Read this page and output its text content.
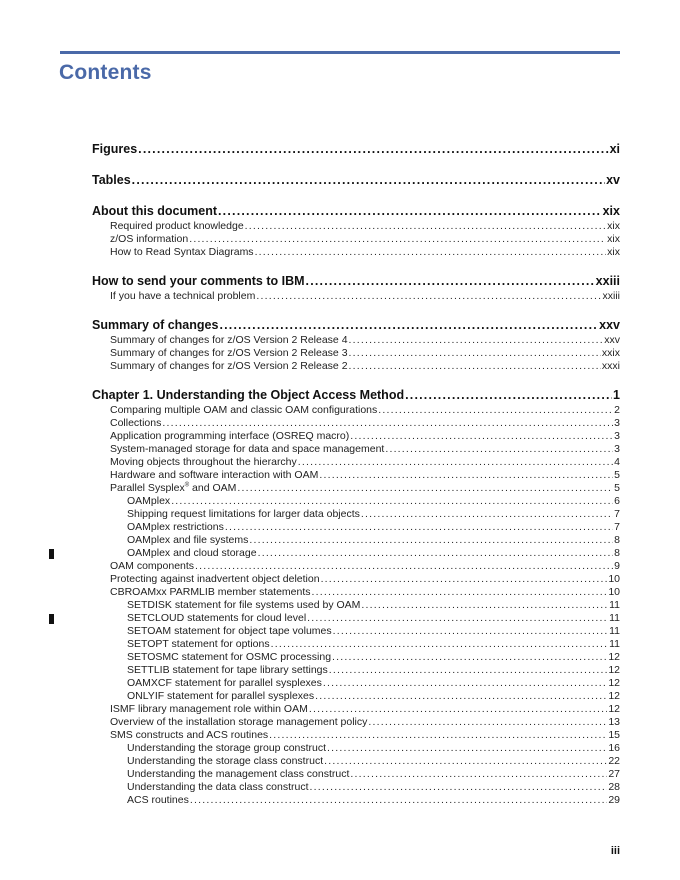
Contents
Figures .....	xi
Tables .....	xv
About this document .....	xix
Required product knowledge .....	xix
z/OS information .....	xix
How to Read Syntax Diagrams .....	xix
How to send your comments to IBM .....	xxiii
If you have a technical problem .....	xxiii
Summary of changes .....	xxv
Summary of changes for z/OS Version 2 Release 4 .....	xxv
Summary of changes for z/OS Version 2 Release 3 .....	xxix
Summary of changes for z/OS Version 2 Release 2 .....	xxxi
Chapter 1. Understanding the Object Access Method .....	1
Comparing multiple OAM and classic OAM configurations .....	2
Collections .....	3
Application programming interface (OSREQ macro) .....	3
System-managed storage for data and space management .....	3
Moving objects throughout the hierarchy .....	4
Hardware and software interaction with OAM .....	5
Parallel Sysplex® and OAM .....	5
OAMplex .....	6
Shipping request limitations for larger data objects .....	7
OAMplex restrictions .....	7
OAMplex and file systems .....	8
OAMplex and cloud storage .....	8
OAM components .....	9
Protecting against inadvertent object deletion .....	10
CBROAMxx PARMLIB member statements .....	10
SETDISK statement for file systems used by OAM .....	11
SETCLOUD statements for cloud level .....	11
SETOAM statement for object tape volumes .....	11
SETOPT statement for options .....	11
SETOSMC statement for OSMC processing .....	12
SETTLIB statement for tape library settings .....	12
OAMXCF statement for parallel sysplexes .....	12
ONLYIF statement for parallel sysplexes .....	12
ISMF library management role within OAM .....	12
Overview of the installation storage management policy .....	13
SMS constructs and ACS routines .....	15
Understanding the storage group construct .....	16
Understanding the storage class construct .....	22
Understanding the management class construct .....	27
Understanding the data class construct .....	28
ACS routines .....	29
iii
